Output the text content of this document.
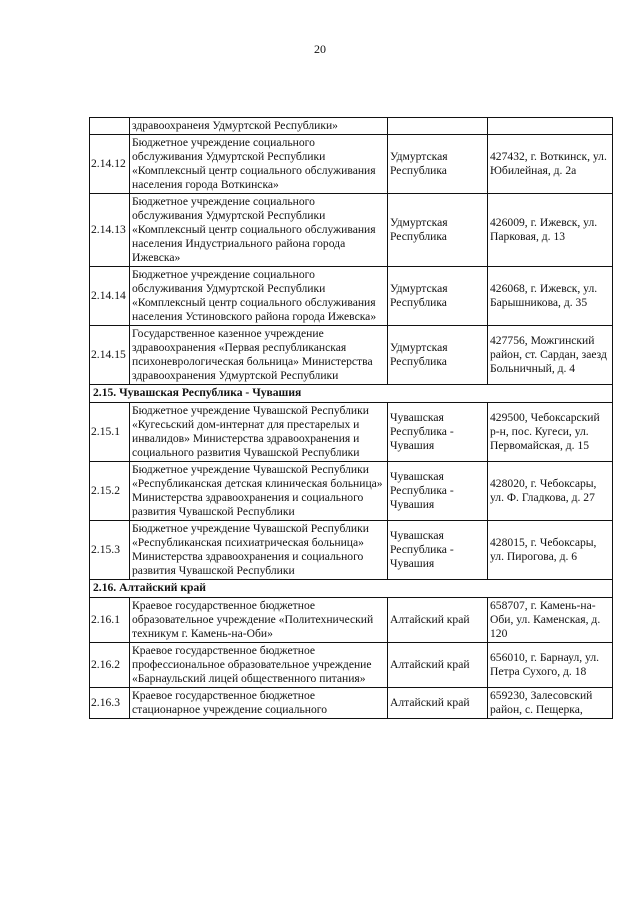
20
	здравоохранеия Удмуртской Республики»		
2.14.12	Бюджетное учреждение социального обслуживания Удмуртской Республики «Комплексный центр социального обслуживания населения города Воткинска»	Удмуртская Республика	427432, г. Воткинск, ул. Юбилейная, д. 2а
2.14.13	Бюджетное учреждение социального обслуживания Удмуртской Республики «Комплексный центр социального обслуживания населения Индустриального района города Ижевска»	Удмуртская Республика	426009, г. Ижевск, ул. Парковая, д. 13
2.14.14	Бюджетное учреждение социального обслуживания Удмуртской Республики «Комплексный центр социального обслуживания населения Устиновского района города Ижевска»	Удмуртская Республика	426068, г. Ижевск, ул. Барышникова, д. 35
2.14.15	Государственное казенное учреждение здравоохранения «Первая республиканская психоневрологическая больница» Министерства здравоохранения Удмуртской Республики	Удмуртская Республика	427756, Можгинский район, ст. Сардан, заезд Больничный, д. 4
2.15. Чувашская Республика - Чувашия			
2.15.1	Бюджетное учреждение Чувашской Республики «Кугесьский дом-интернат для престарелых и инвалидов» Министерства здравоохранения и социального развития Чувашской Республики	Чувашская Республика - Чувашия	429500, Чебоксарский р-н, пос. Кугеси, ул. Первомайская, д. 15
2.15.2	Бюджетное учреждение Чувашской Республики «Республиканская детская клиническая больница» Министерства здравоохранения и социального развития Чувашской Республики	Чувашская Республика - Чувашия	428020, г. Чебоксары, ул. Ф. Гладкова, д. 27
2.15.3	Бюджетное учреждение Чувашской Республики «Республиканская психиатрическая больница» Министерства здравоохранения и социального развития Чувашской Республики	Чувашская Республика - Чувашия	428015, г. Чебоксары, ул. Пирогова, д. 6
2.16. Алтайский край			
2.16.1	Краевое государственное бюджетное образовательное учреждение «Политехнический техникум г. Камень-на-Оби»	Алтайский край	658707, г. Камень-на-Оби, ул. Каменская, д. 120
2.16.2	Краевое государственное бюджетное профессиональное образовательное учреждение «Барнаульский лицей общественного питания»	Алтайский край	656010, г. Барнаул, ул. Петра Сухого, д. 18
2.16.3	Краевое государственное бюджетное стационарное учреждение социального	Алтайский край	659230, Залесовский район, с. Пещерка,
